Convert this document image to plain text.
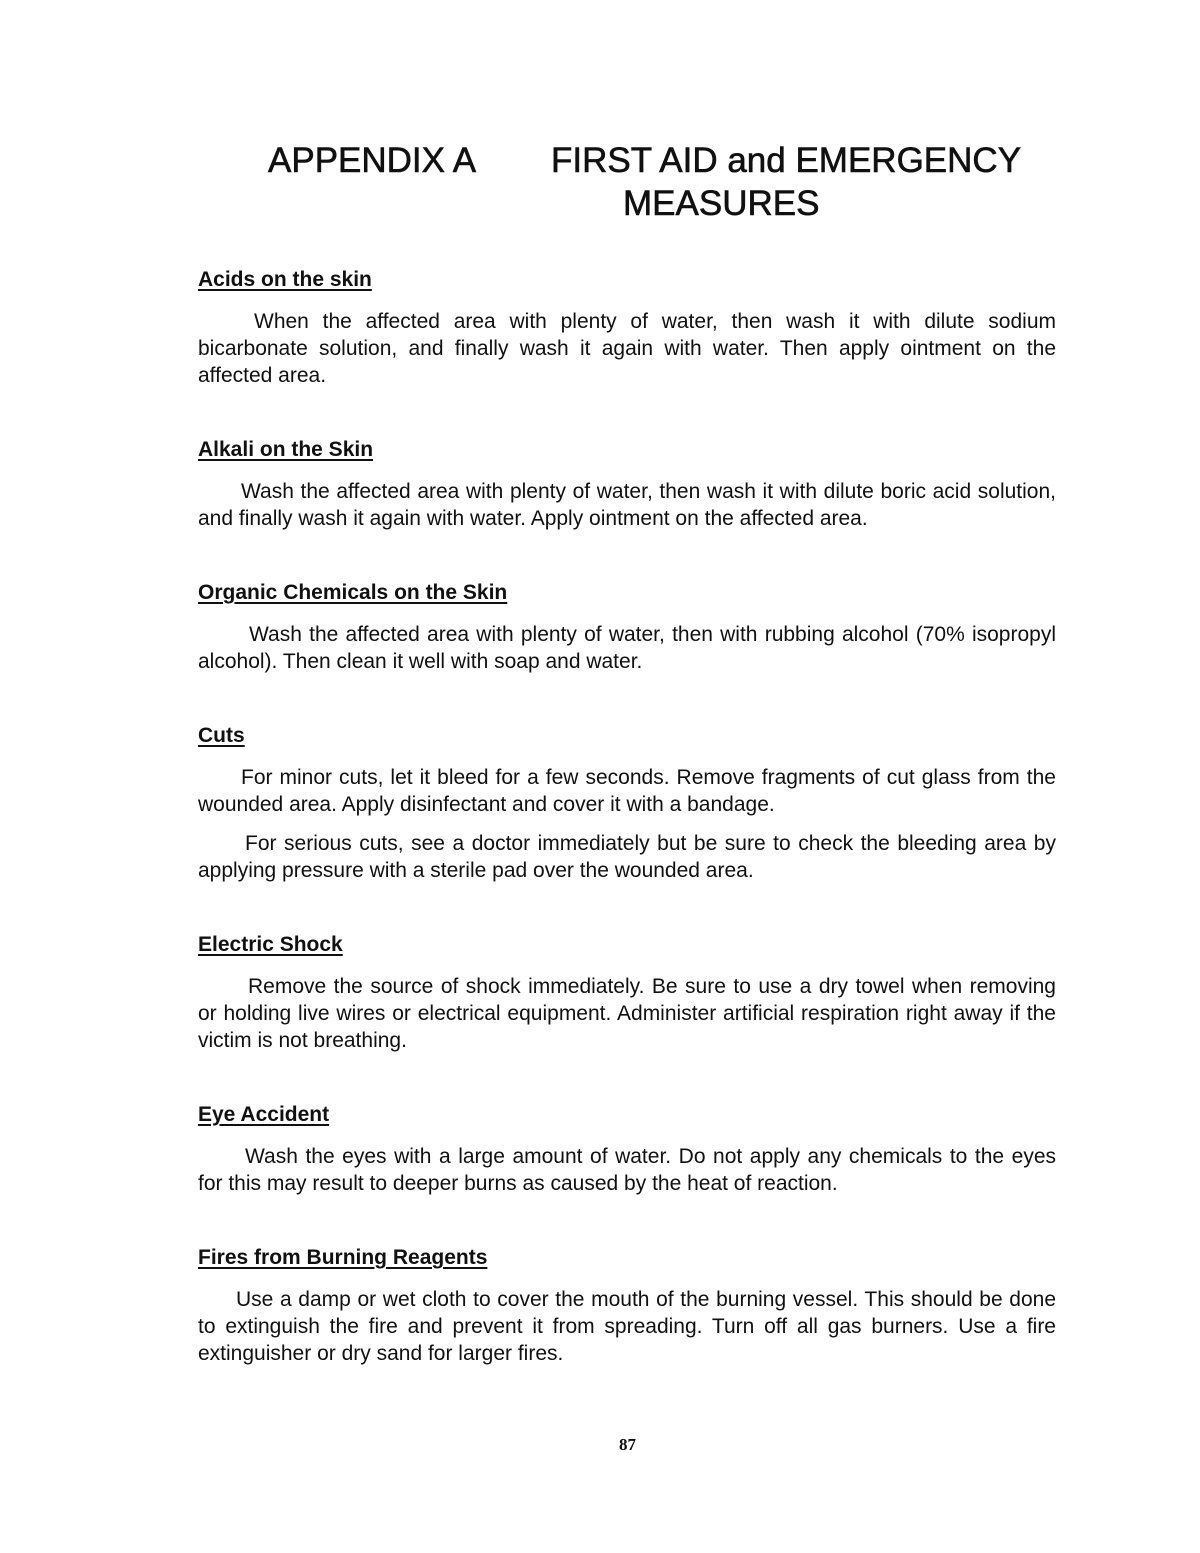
APPENDIX A	FIRST AID and EMERGENCY
MEASURES
Acids on the skin
When the affected area with plenty of water, then wash it with dilute sodium bicarbonate solution, and finally wash it again with water. Then apply ointment on the affected area.
Alkali on the Skin
Wash the affected area with plenty of water, then wash it with dilute boric acid solution, and finally wash it again with water. Apply ointment on the affected area.
Organic Chemicals on the Skin
Wash the affected area with plenty of water, then with rubbing alcohol (70% isopropyl alcohol). Then clean it well with soap and water.
Cuts
For minor cuts, let it bleed for a few seconds. Remove fragments of cut glass from the wounded area. Apply disinfectant and cover it with a bandage.
For serious cuts, see a doctor immediately but be sure to check the bleeding area by applying pressure with a sterile pad over the wounded area.
Electric Shock
Remove the source of shock immediately. Be sure to use a dry towel when removing or holding live wires or electrical equipment. Administer artificial respiration right away if the victim is not breathing.
Eye Accident
Wash the eyes with a large amount of water. Do not apply any chemicals to the eyes for this may result to deeper burns as caused by the heat of reaction.
Fires from Burning Reagents
Use a damp or wet cloth to cover the mouth of the burning vessel. This should be done to extinguish the fire and prevent it from spreading. Turn off all gas burners. Use a fire extinguisher or dry sand for larger fires.
87
